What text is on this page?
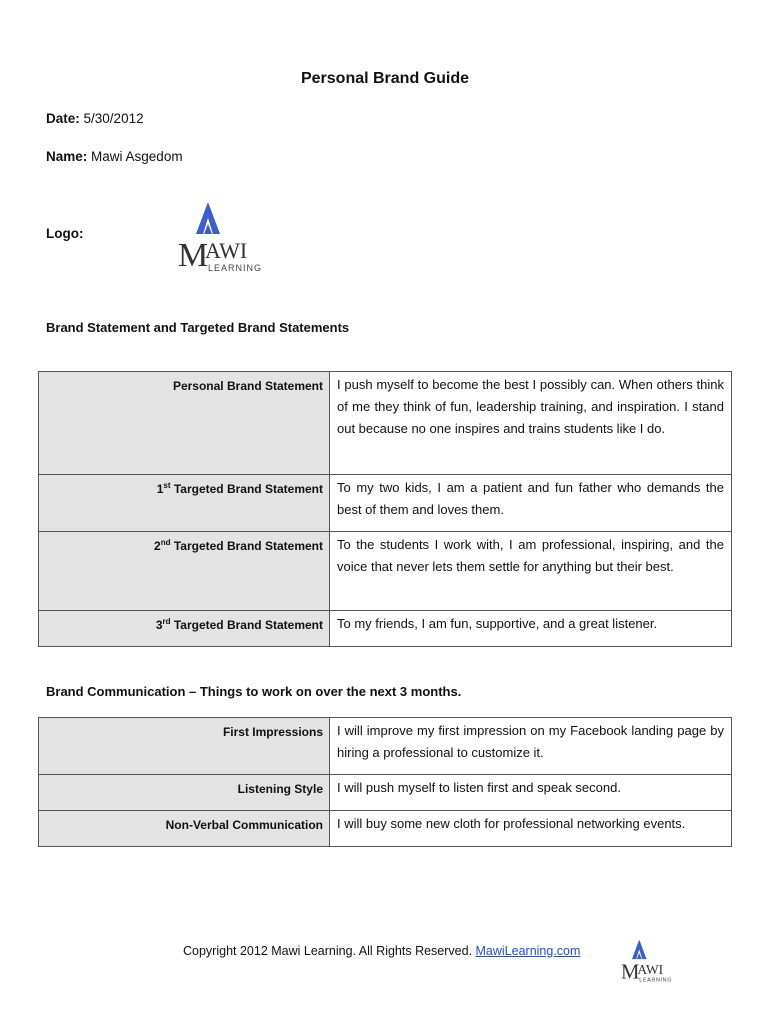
Personal Brand Guide
Date: 5/30/2012
Name: Mawi Asgedom
Logo:
M
AWI
LEARNING
Brand Statement and Targeted Brand Statements
Personal Brand Statement	I push myself to become the best I possibly can. When others think of me they think of fun, leadership training, and inspiration. I stand out because no one inspires and trains students like I do.

1st Targeted Brand Statement	To my two kids, I am a patient and fun father who demands the best of them and loves them.

2nd Targeted Brand Statement	To the students I work with, I am professional, inspiring, and the voice that never lets them settle for anything but their best.

3rd Targeted Brand Statement	To my friends, I am fun, supportive, and a great listener.
Brand Communication – Things to work on over the next 3 months.
First Impressions	I will improve my first impression on my Facebook landing page by hiring a professional to customize it.

Listening Style	I will push myself to listen first and speak second.

Non-Verbal Communication	I will buy some new cloth for professional networking events.
Copyright 2012 Mawi Learning. All Rights Reserved. MawiLearning.com
M
AWI
LEARNING
